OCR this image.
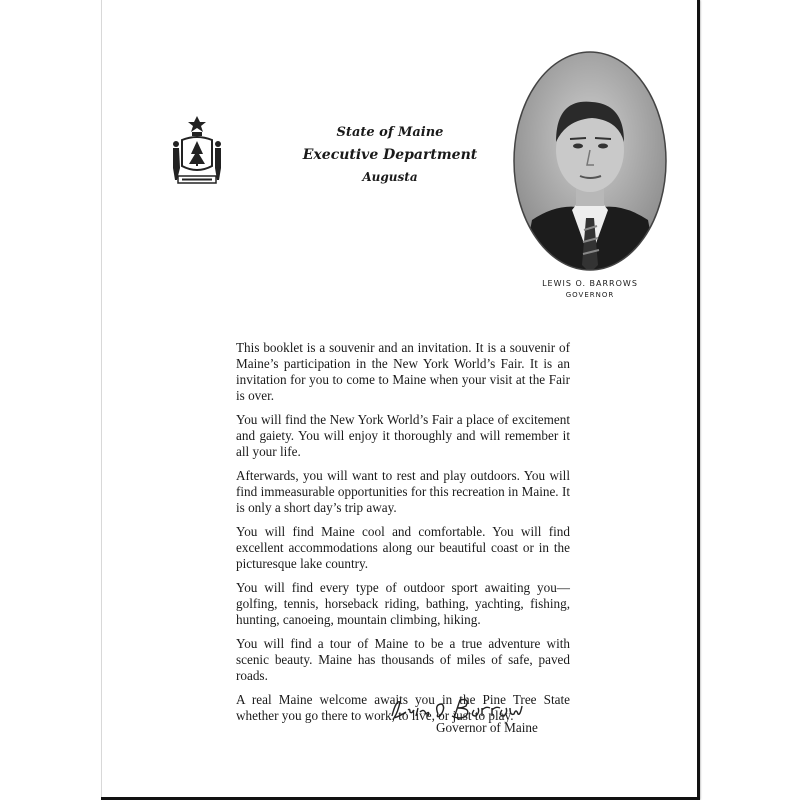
State of Maine
Executive Department
Augusta
LEWIS O. BARROWS
GOVERNOR

This booklet is a souvenir and an invitation. It is a souvenir of Maine’s participation in the New York World’s Fair. It is an invitation for you to come to Maine when your visit at the Fair is over.

You will find the New York World’s Fair a place of excitement and gaiety. You will enjoy it thoroughly and will remember it all your life.

Afterwards, you will want to rest and play outdoors. You will find immeasurable opportunities for this recreation in Maine. It is only a short day’s trip away.

You will find Maine cool and comfortable. You will find excellent accommodations along our beautiful coast or in the picturesque lake country.

You will find every type of outdoor sport awaiting you—golfing, tennis, horseback riding, bathing, yachting, fishing, hunting, canoeing, mountain climbing, hiking.

You will find a tour of Maine to be a true adventure with scenic beauty. Maine has thousands of miles of safe, paved roads.

A real Maine welcome awaits you in the Pine Tree State whether you go there to work, to live, or just to play.

Governor of Maine
